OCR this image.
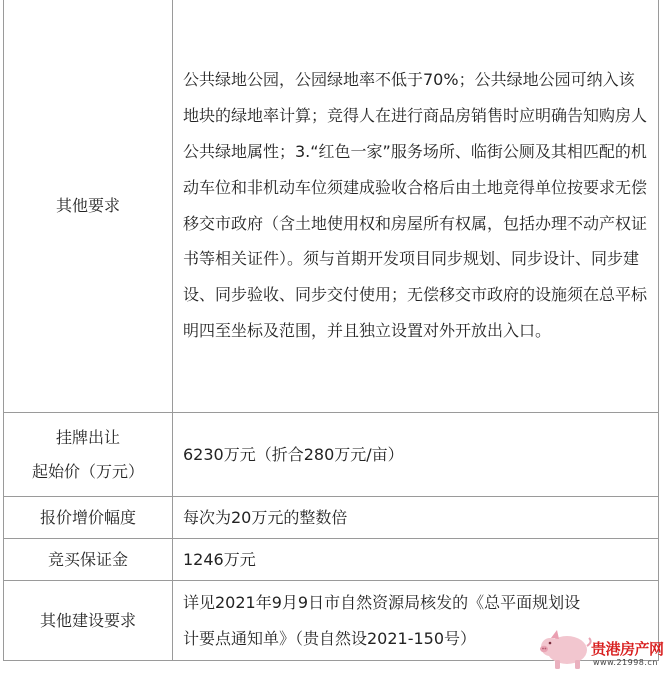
其他要求	公共绿地公园，公园绿地率不低于70%；公共绿地公园可纳入该地块的绿地率计算；竞得人在进行商品房销售时应明确告知购房人公共绿地属性；3.“红色一家”服务场所、临街公厕及其相匹配的机动车位和非机动车位须建成验收合格后由土地竞得单位按要求无偿移交市政府（含土地使用权和房屋所有权属，包括办理不动产权证书等相关证件）。须与首期开发项目同步规划、同步设计、同步建设、同步验收、同步交付使用；无偿移交市政府的设施须在总平标明四至坐标及范围，并且独立设置对外开放出入口。

挂牌出让
起始价（万元）	6230万元（折合280万元/亩）
报价增价幅度	每次为20万元的整数倍
竞买保证金	1246万元
其他建设要求	详见2021年9月9日市自然资源局核发的《总平面规划设计要点通知单》（贵自然设2021-150号）
贵港房产网
www.21998.cn
